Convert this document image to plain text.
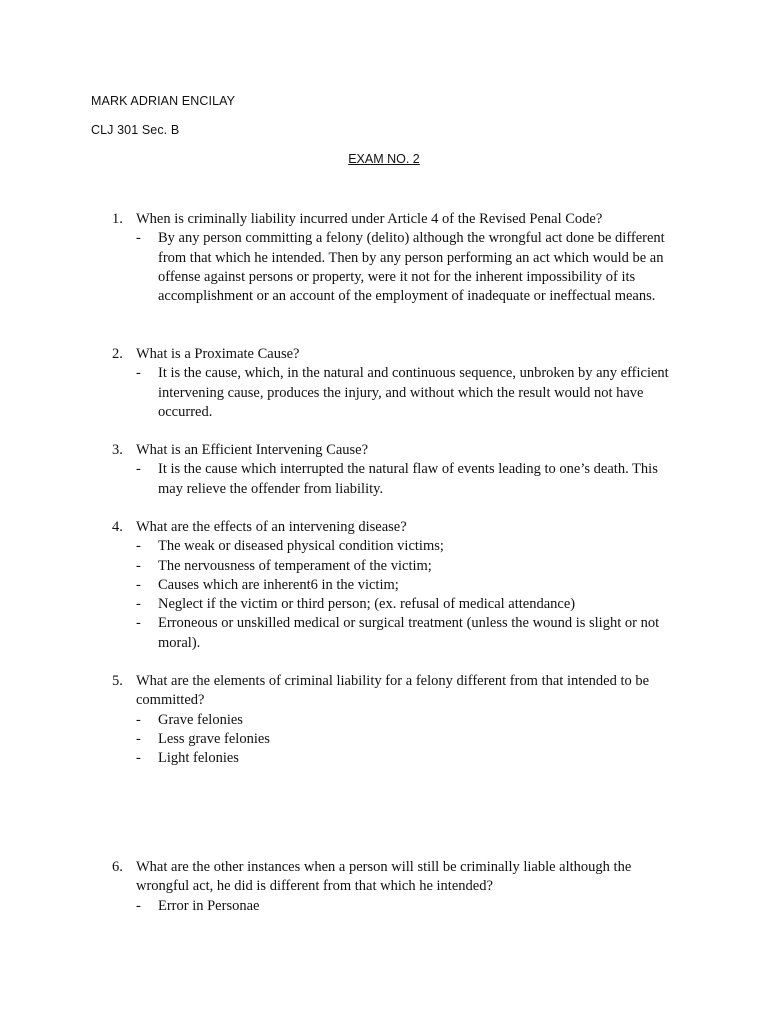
MARK ADRIAN ENCILAY
CLJ 301 Sec. B
EXAM NO. 2
1. When is criminally liability incurred under Article 4 of the Revised Penal Code?
-	By any person committing a felony (delito) although the wrongful act done be different from that which he intended. Then by any person performing an act which would be an offense against persons or property, were it not for the inherent impossibility of its accomplishment or an account of the employment of inadequate or ineffectual means.
2. What is a Proximate Cause?
-	It is the cause, which, in the natural and continuous sequence, unbroken by any efficient intervening cause, produces the injury, and without which the result would not have occurred.
3. What is an Efficient Intervening Cause?
-	It is the cause which interrupted the natural flaw of events leading to one’s death. This may relieve the offender from liability.
4. What are the effects of an intervening disease?
-	The weak or diseased physical condition victims;
-	The nervousness of temperament of the victim;
-	Causes which are inherent6 in the victim;
-	Neglect if the victim or third person; (ex. refusal of medical attendance)
-	Erroneous or unskilled medical or surgical treatment (unless the wound is slight or not moral).
5. What are the elements of criminal liability for a felony different from that intended to be committed?
-	Grave felonies
-	Less grave felonies
-	Light felonies
6. What are the other instances when a person will still be criminally liable although the wrongful act, he did is different from that which he intended?
-	Error in Personae
